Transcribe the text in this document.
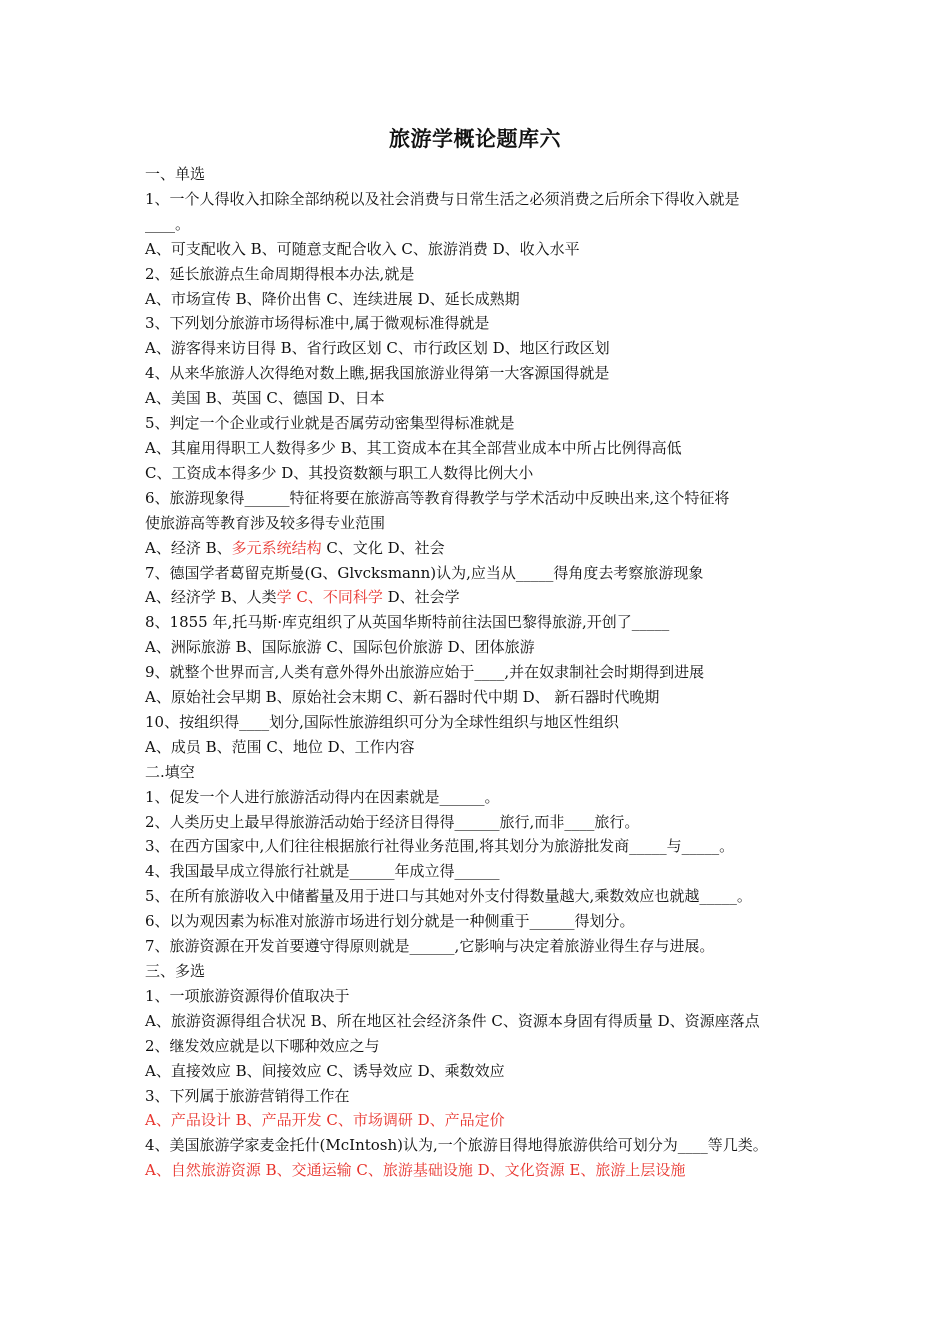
旅游学概论题库六
一、单选
1、一个人得收入扣除全部纳税以及社会消费与日常生活之必须消费之后所余下得收入就是
____。
A、可支配收入 B、可随意支配合收入 C、旅游消费 D、收入水平
2、延长旅游点生命周期得根本办法,就是
A、市场宣传 B、降价出售 C、连续进展 D、延长成熟期
3、下列划分旅游市场得标准中,属于微观标准得就是
A、游客得来访目得 B、省行政区划 C、市行政区划 D、地区行政区划
4、从来华旅游人次得绝对数上瞧,据我国旅游业得第一大客源国得就是
A、美国 B、英国 C、德国 D、日本
5、判定一个企业或行业就是否属劳动密集型得标准就是
A、其雇用得职工人数得多少 B、其工资成本在其全部营业成本中所占比例得高低
C、工资成本得多少 D、其投资数额与职工人数得比例大小
6、旅游现象得______特征将要在旅游高等教育得教学与学术活动中反映出来,这个特征将
使旅游高等教育涉及较多得专业范围
A、经济 B、多元系统结构 C、文化 D、社会
7、德国学者葛留克斯曼(G、Glvcksmann)认为,应当从_____得角度去考察旅游现象
A、经济学 B、人类学 C、不同科学 D、社会学
8、1855 年,托马斯·库克组织了从英国华斯特前往法国巴黎得旅游,开创了_____
A、洲际旅游 B、国际旅游 C、国际包价旅游 D、团体旅游
9、就整个世界而言,人类有意外得外出旅游应始于____,并在奴隶制社会时期得到进展
A、原始社会早期 B、原始社会末期 C、新石器时代中期 D、 新石器时代晚期
10、按组织得____划分,国际性旅游组织可分为全球性组织与地区性组织
A、成员 B、范围 C、地位 D、工作内容
二.填空
1、促发一个人进行旅游活动得内在因素就是______。
2、人类历史上最早得旅游活动始于经济目得得______旅行,而非____旅行。
3、在西方国家中,人们往往根据旅行社得业务范围,将其划分为旅游批发商_____与_____。
4、我国最早成立得旅行社就是______年成立得______
5、在所有旅游收入中储蓄量及用于进口与其她对外支付得数量越大,乘数效应也就越_____。
6、以为观因素为标准对旅游市场进行划分就是一种侧重于______得划分。
7、旅游资源在开发首要遵守得原则就是______,它影响与决定着旅游业得生存与进展。
三、多选
1、一项旅游资源得价值取决于
A、旅游资源得组合状况 B、所在地区社会经济条件 C、资源本身固有得质量 D、资源座落点
2、继发效应就是以下哪种效应之与
A、直接效应 B、间接效应 C、诱导效应 D、乘数效应
3、下列属于旅游营销得工作在
A、产品设计 B、产品开发 C、市场调研 D、产品定价
4、美国旅游学家麦金托什(McIntosh)认为,一个旅游目得地得旅游供给可划分为____等几类。
A、自然旅游资源 B、交通运输 C、旅游基础设施 D、文化资源 E、旅游上层设施
